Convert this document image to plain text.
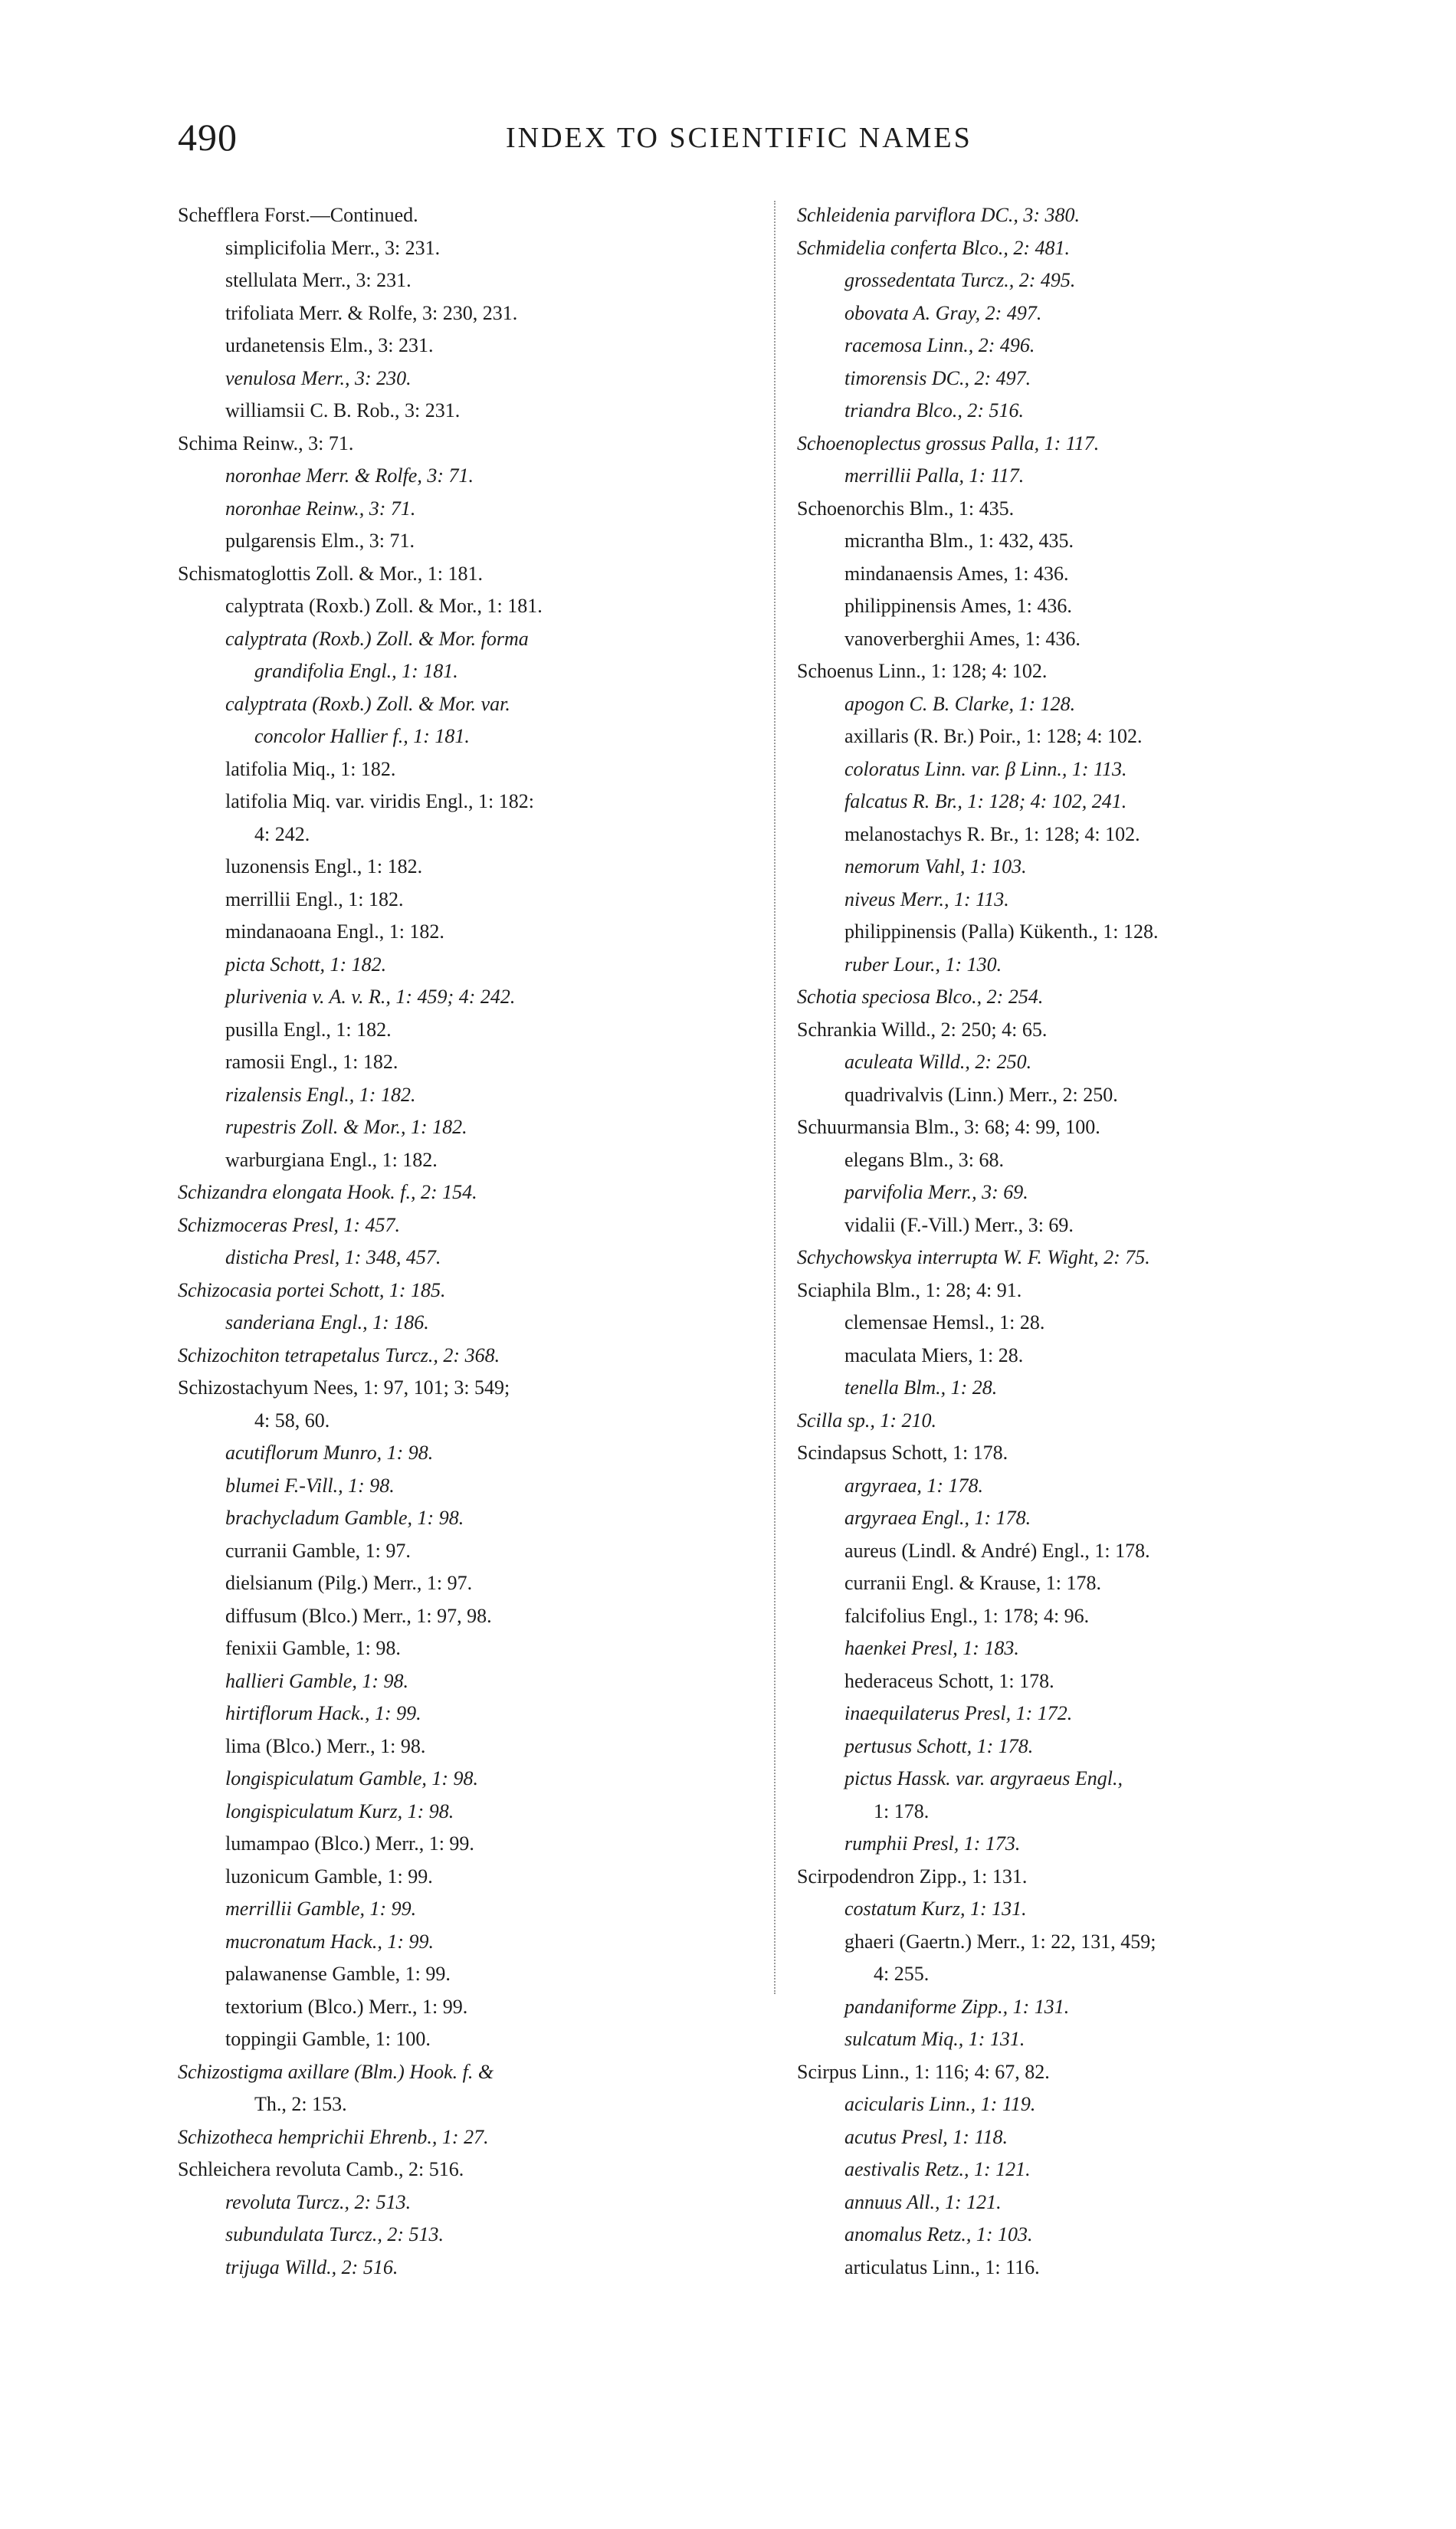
490	INDEX TO SCIENTIFIC NAMES
Schefflera Forst.—Continued.
simplicifolia Merr., 3: 231.
stellulata Merr., 3: 231.
trifoliata Merr. & Rolfe, 3: 230, 231.
urdanetensis Elm., 3: 231.
venulosa Merr., 3: 230.
williamsii C. B. Rob., 3: 231.
Schima Reinw., 3: 71.
noronhae Merr. & Rolfe, 3: 71.
noronhae Reinw., 3: 71.
pulgarensis Elm., 3: 71.
Schismatoglottis Zoll. & Mor., 1: 181.
calyptrata (Roxb.) Zoll. & Mor., 1: 181.
calyptrata (Roxb.) Zoll. & Mor. forma
grandifolia Engl., 1: 181.
calyptrata (Roxb.) Zoll. & Mor. var.
concolor Hallier f., 1: 181.
latifolia Miq., 1: 182.
latifolia Miq. var. viridis Engl., 1: 182:
4: 242.
luzonensis Engl., 1: 182.
merrillii Engl., 1: 182.
mindanaoana Engl., 1: 182.
picta Schott, 1: 182.
plurivenia v. A. v. R., 1: 459; 4: 242.
pusilla Engl., 1: 182.
ramosii Engl., 1: 182.
rizalensis Engl., 1: 182.
rupestris Zoll. & Mor., 1: 182.
warburgiana Engl., 1: 182.
Schizandra elongata Hook. f., 2: 154.
Schizmoceras Presl, 1: 457.
disticha Presl, 1: 348, 457.
Schizocasia portei Schott, 1: 185.
sanderiana Engl., 1: 186.
Schizochiton tetrapetalus Turcz., 2: 368.
Schizostachyum Nees, 1: 97, 101; 3: 549;
4: 58, 60.
acutiflorum Munro, 1: 98.
blumei F.-Vill., 1: 98.
brachycladum Gamble, 1: 98.
curranii Gamble, 1: 97.
dielsianum (Pilg.) Merr., 1: 97.
diffusum (Blco.) Merr., 1: 97, 98.
fenixii Gamble, 1: 98.
hallieri Gamble, 1: 98.
hirtiflorum Hack., 1: 99.
lima (Blco.) Merr., 1: 98.
longispiculatum Gamble, 1: 98.
longispiculatum Kurz, 1: 98.
lumampao (Blco.) Merr., 1: 99.
luzonicum Gamble, 1: 99.
merrillii Gamble, 1: 99.
mucronatum Hack., 1: 99.
palawanense Gamble, 1: 99.
textorium (Blco.) Merr., 1: 99.
toppingii Gamble, 1: 100.
Schizostigma axillare (Blm.) Hook. f. &
Th., 2: 153.
Schizotheca hemprichii Ehrenb., 1: 27.
Schleichera revoluta Camb., 2: 516.
revoluta Turcz., 2: 513.
subundulata Turcz., 2: 513.
trijuga Willd., 2: 516.
Schleidenia parviflora DC., 3: 380.
Schmidelia conferta Blco., 2: 481.
grossedentata Turcz., 2: 495.
obovata A. Gray, 2: 497.
racemosa Linn., 2: 496.
timorensis DC., 2: 497.
triandra Blco., 2: 516.
Schoenoplectus grossus Palla, 1: 117.
merrillii Palla, 1: 117.
Schoenorchis Blm., 1: 435.
micrantha Blm., 1: 432, 435.
mindanaensis Ames, 1: 436.
philippinensis Ames, 1: 436.
vanoverberghii Ames, 1: 436.
Schoenus Linn., 1: 128; 4: 102.
apogon C. B. Clarke, 1: 128.
axillaris (R. Br.) Poir., 1: 128; 4: 102.
coloratus Linn. var. β Linn., 1: 113.
falcatus R. Br., 1: 128; 4: 102, 241.
melanostachys R. Br., 1: 128; 4: 102.
nemorum Vahl, 1: 103.
niveus Merr., 1: 113.
philippinensis (Palla) Kükenth., 1: 128.
ruber Lour., 1: 130.
Schotia speciosa Blco., 2: 254.
Schrankia Willd., 2: 250; 4: 65.
aculeata Willd., 2: 250.
quadrivalvis (Linn.) Merr., 2: 250.
Schuurmansia Blm., 3: 68; 4: 99, 100.
elegans Blm., 3: 68.
parvifolia Merr., 3: 69.
vidalii (F.-Vill.) Merr., 3: 69.
Schychowskya interrupta W. F. Wight, 2: 75.
Sciaphila Blm., 1: 28; 4: 91.
clemensae Hemsl., 1: 28.
maculata Miers, 1: 28.
tenella Blm., 1: 28.
Scilla sp., 1: 210.
Scindapsus Schott, 1: 178.
argyraea, 1: 178.
argyraea Engl., 1: 178.
aureus (Lindl. & André) Engl., 1: 178.
curranii Engl. & Krause, 1: 178.
falcifolius Engl., 1: 178; 4: 96.
haenkei Presl, 1: 183.
hederaceus Schott, 1: 178.
inaequilaterus Presl, 1: 172.
pertusus Schott, 1: 178.
pictus Hassk. var. argyraeus Engl.,
1: 178.
rumphii Presl, 1: 173.
Scirpodendron Zipp., 1: 131.
costatum Kurz, 1: 131.
ghaeri (Gaertn.) Merr., 1: 22, 131, 459;
4: 255.
pandaniforme Zipp., 1: 131.
sulcatum Miq., 1: 131.
Scirpus Linn., 1: 116; 4: 67, 82.
acicularis Linn., 1: 119.
acutus Presl, 1: 118.
aestivalis Retz., 1: 121.
annuus All., 1: 121.
anomalus Retz., 1: 103.
articulatus Linn., 1: 116.
